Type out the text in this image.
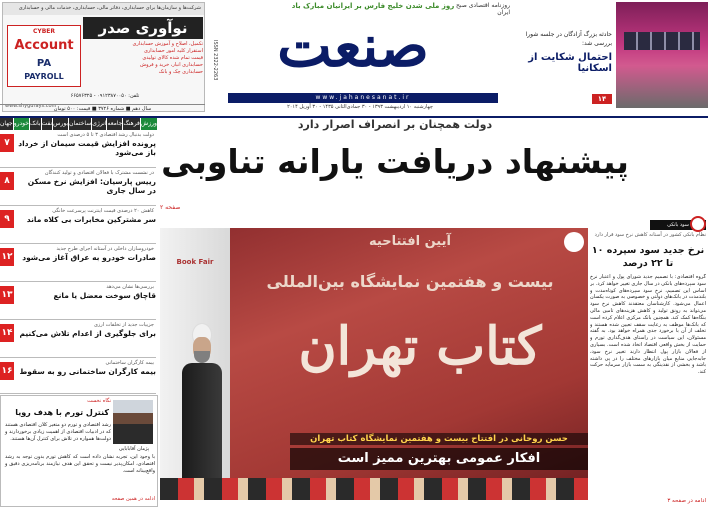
شرکت‌ها و سازمان‌ها برای حسابداری، دفاتر مالی، حسابداری، خدمات مالی و حسابداری
CYBER
Account
PA
PAYROLL
نوآوری صدر
تکمیل، اصلاح و آموزش حسابداری
استقرار کلیه امور حسابداری
قیمت تمام شده کالای تولیدی
حسابداری انبار، خرید و فروش
حسابداری چک و بانک
تلفن: ۰۹۱۲۳۸۷۰۰۵۰ - ۶۶۵۷۶۳۲۵
www.shygurays.com
ISSN 2322-2263
روز ملی شدن خلیج فارس بر ایرانیان مبارک باد
صنعت
www.jahanesanat.ir
روزنامه اقتصادی صبح ایران
چهارشنبه ۱۰ اردیبهشت ۱۳۹۳ - ۳۰ جمادی‌الثانی ۱۴۳۵ - ۳۰ آوریل ۲۰۱۴
حادثه بزرگ آزادگان در جلسه شورا بررسی شد:
احتمال شکایت از اسکانیا
۱۴
سال دهم ■ شماره ۳۷۲۶ ■ قیمت: ۵۰۰ تومان
جهان خودرو بانک نفت بورس ساختمان انرژی جامعه فرهنگ ورزش	دولت همچنان بر انصراف اصرار دارد
پیشنهاد دریافت یارانه تناوبی
صفحه ۲
دولت بدنبال رشد اقتصادی ۳ تا ۵ درصدی است
پرونده افزایش قیمت سیمان از خرداد باز می‌شود
۷
در نشست مشترک با فعالان اقتصادی و تولید کنندگان
رییس پارسیان: افزایش نرخ مسکن در سال جاری
۸
کاهش ۲۰ درصدی قیمت اینترنت پرسرعت خانگی
سر مشترکین مخابرات بی کلاه ماند
۹
خودروسازان داخلی در آستانه اجرای طرح جدید
صادرات خودرو به عراق آغاز می‌شود
۱۲
بررسی‌ها نشان می‌دهد
قاچاق سوخت معضل یا مانع
۱۳
جزییات جدید از تخلفات ارزی
برای جلوگیری از اعدام تلاش می‌کنیم
۱۴
بیمه کارگران ساختمانی
بیمه کارگران ساختمانی رو به سقوط
۱۶
نگاه نخست
کنترل تورم با هدف رویا
پژمان آقابابایی
رشد اقتصادی و تورم دو متغیر کلان اقتصادی هستند که در ادبیات اقتصادی از اهمیت زیادی برخوردارند و دولت‌ها همواره در تلاش برای کنترل آن‌ها هستند.
با وجود این، تجربه نشان داده است که کاهش تورم بدون توجه به رشد اقتصادی، امکان‌پذیر نیست و تحقق این هدف نیازمند برنامه‌ریزی دقیق و واقع‌بینانه است.
ادامه در همین صفحه
آیین افتتاحیه
بیست و هفتمین نمایشگاه بین‌المللی
کتاب تهران
Book Fair
حسن روحانی در افتتاح بیست و هفتمین نمایشگاه کتاب تهران
افکار عمومی بهترین ممیز است
سود بانکی
نظام بانکی کشور در آستانه کاهش نرخ سود قرار دارد
نرخ جدید سود سپرده ۱۰ تا ۲۲ درصد
گروه اقتصادی: با تصمیم جدید شورای پول و اعتبار نرخ سود سپرده‌های بانکی در سال جاری تغییر خواهد کرد. بر اساس این تصمیم، نرخ سود سپرده‌های کوتاه‌مدت و بلندمدت در بانک‌های دولتی و خصوصی به صورت یکسان اعمال می‌شود. کارشناسان معتقدند کاهش نرخ سود می‌تواند به رونق تولید و کاهش هزینه‌های تامین مالی بنگاه‌ها کمک کند. همچنین بانک مرکزی اعلام کرده است که بانک‌ها موظف به رعایت سقف تعیین شده هستند و تخلف از آن با برخورد جدی همراه خواهد بود. به گفته مسئولان، این سیاست در راستای هدف‌گذاری تورم و حمایت از بخش واقعی اقتصاد اتخاذ شده است. بسیاری از فعالان بازار پول انتظار دارند تغییر نرخ سود، جابه‌جایی منابع میان بازارهای مختلف را در پی داشته باشد و بخشی از نقدینگی به سمت بازار سرمایه حرکت کند.
ادامه در صفحه ۳
